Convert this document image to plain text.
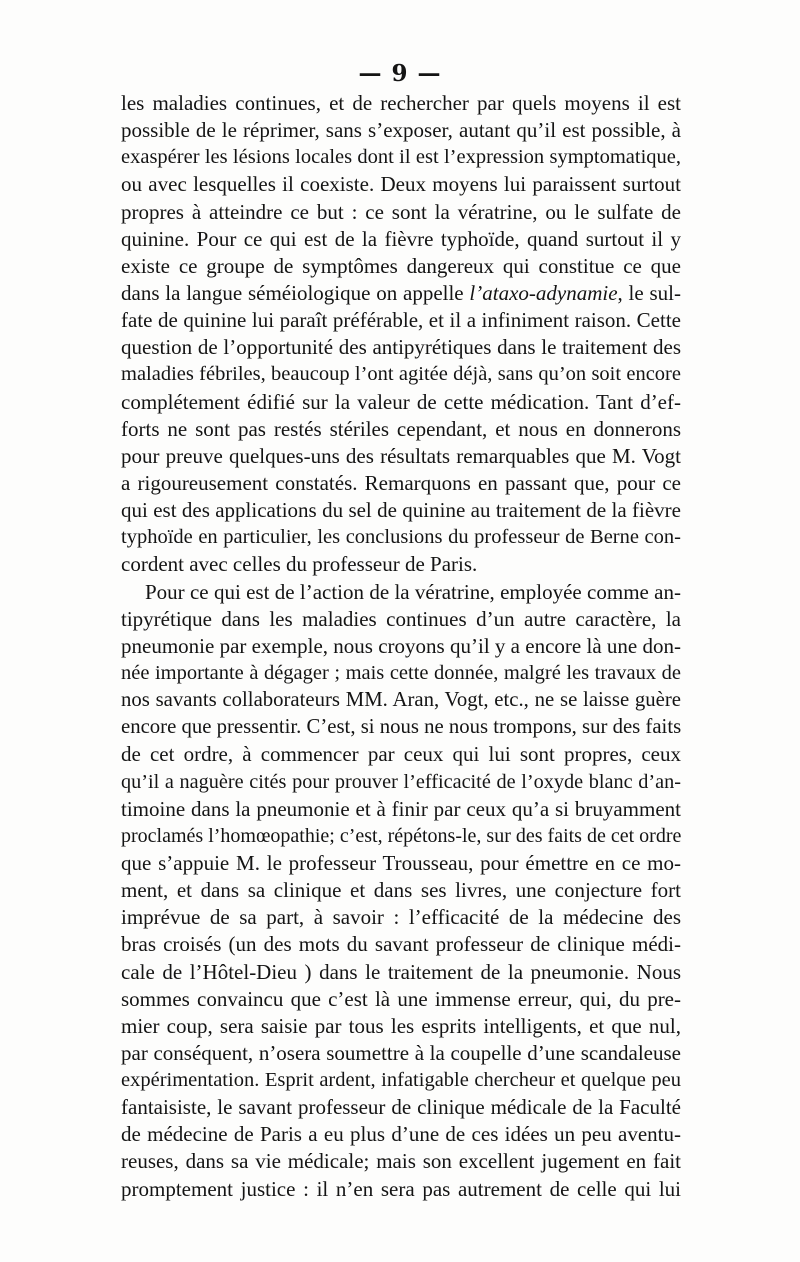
— 9 —
les maladies continues, et de rechercher par quels moyens il est
possible de le réprimer, sans s’exposer, autant qu’il est possible, à
exaspérer les lésions locales dont il est l’expression symptomatique,
ou avec lesquelles il coexiste. Deux moyens lui paraissent surtout
propres à atteindre ce but : ce sont la vératrine, ou le sulfate de
quinine. Pour ce qui est de la fièvre typhoïde, quand surtout il y
existe ce groupe de symptômes dangereux qui constitue ce que
dans la langue séméiologique on appelle l’ataxo-adynamie, le sul-
fate de quinine lui paraît préférable, et il a infiniment raison. Cette
question de l’opportunité des antipyrétiques dans le traitement des
maladies fébriles, beaucoup l’ont agitée déjà, sans qu’on soit encore
complétement édifié sur la valeur de cette médication. Tant d’ef-
forts ne sont pas restés stériles cependant, et nous en donnerons
pour preuve quelques-uns des résultats remarquables que M. Vogt
a rigoureusement constatés. Remarquons en passant que, pour ce
qui est des applications du sel de quinine au traitement de la fièvre
typhoïde en particulier, les conclusions du professeur de Berne con-
cordent avec celles du professeur de Paris.
Pour ce qui est de l’action de la vératrine, employée comme an-
tipyrétique dans les maladies continues d’un autre caractère, la
pneumonie par exemple, nous croyons qu’il y a encore là une don-
née importante à dégager ; mais cette donnée, malgré les travaux de
nos savants collaborateurs MM. Aran, Vogt, etc., ne se laisse guère
encore que pressentir. C’est, si nous ne nous trompons, sur des faits
de cet ordre, à commencer par ceux qui lui sont propres, ceux
qu’il a naguère cités pour prouver l’efficacité de l’oxyde blanc d’an-
timoine dans la pneumonie et à finir par ceux qu’a si bruyamment
proclamés l’homœopathie; c’est, répétons-le, sur des faits de cet ordre
que s’appuie M. le professeur Trousseau, pour émettre en ce mo-
ment, et dans sa clinique et dans ses livres, une conjecture fort
imprévue de sa part, à savoir : l’efficacité de la médecine des
bras croisés (un des mots du savant professeur de clinique médi-
cale de l’Hôtel-Dieu ) dans le traitement de la pneumonie. Nous
sommes convaincu que c’est là une immense erreur, qui, du pre-
mier coup, sera saisie par tous les esprits intelligents, et que nul,
par conséquent, n’osera soumettre à la coupelle d’une scandaleuse
expérimentation. Esprit ardent, infatigable chercheur et quelque peu
fantaisiste, le savant professeur de clinique médicale de la Faculté
de médecine de Paris a eu plus d’une de ces idées un peu aventu-
reuses, dans sa vie médicale; mais son excellent jugement en fait
promptement justice : il n’en sera pas autrement de celle qui lui
